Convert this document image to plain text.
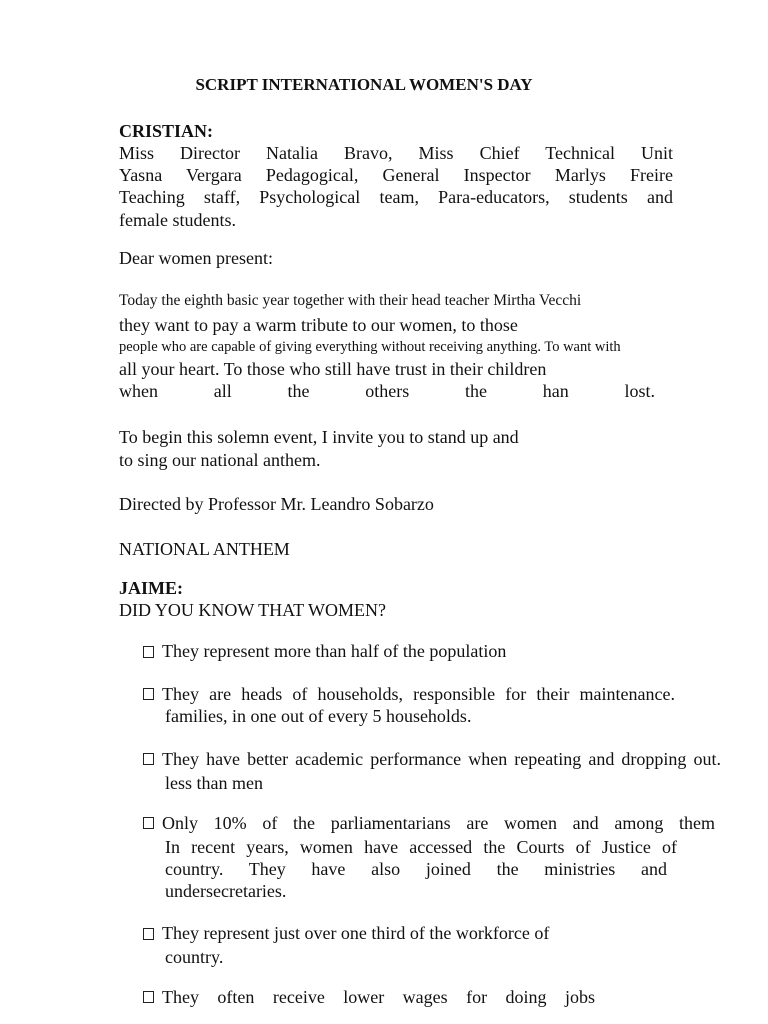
SCRIPT INTERNATIONAL WOMEN'S DAY
CRISTIAN:
Miss Director Natalia Bravo, Miss Chief Technical Unit
Yasna Vergara Pedagogical, General Inspector Marlys Freire
Teaching staff, Psychological team, Para-educators, students and
female students.
Dear women present:
Today the eighth basic year together with their head teacher Mirtha Vecchi
they want to pay a warm tribute to our women, to those
people who are capable of giving everything without receiving anything. To want with
all your heart. To those who still have trust in their children
when all the others the han lost.
To begin this solemn event, I invite you to stand up and
to sing our national anthem.
Directed by Professor Mr. Leandro Sobarzo
NATIONAL ANTHEM
JAIME:
DID YOU KNOW THAT WOMEN?
They represent more than half of the population
They are heads of households, responsible for their maintenance.
families, in one out of every 5 households.
They have better academic performance when repeating and dropping out.
less than men
Only 10% of the parliamentarians are women and among them
In recent years, women have accessed the Courts of Justice of
country. They have also joined the ministries and
undersecretaries.
They represent just over one third of the workforce of
country.
They often receive lower wages for doing jobs
